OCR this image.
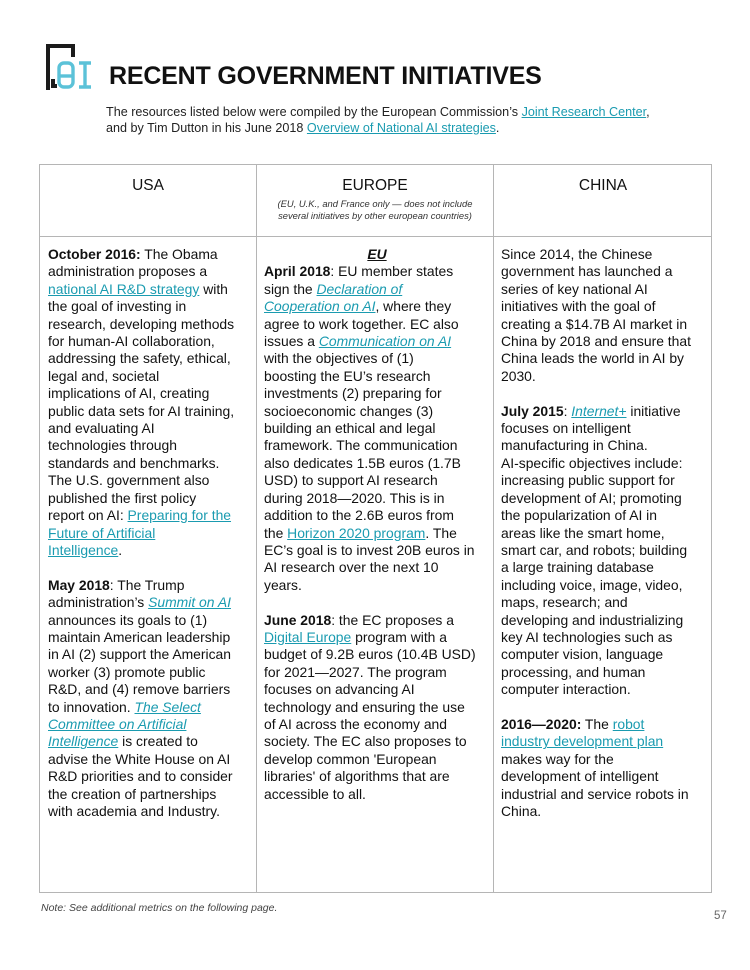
RECENT GOVERNMENT INITIATIVES
The resources listed below were compiled by the European Commission’s Joint Research Center,
and by Tim Dutton in his June 2018 Overview of National AI strategies.
USA	EUROPE
(EU, U.K., and France only — does not include
several initiatives by other european countries)
CHINA
October 2016: The Obama
administration proposes a
national AI R&D strategy with
the goal of investing in
research, developing methods
for human-AI collaboration,
addressing the safety, ethical,
legal and, societal
implications of AI, creating
public data sets for AI training,
and evaluating AI
technologies through
standards and benchmarks.
The U.S. government also
published the first policy
report on AI: Preparing for the
Future of Artificial
Intelligence.

May 2018: The Trump
administration’s Summit on AI
announces its goals to (1)
maintain American leadership
in AI (2) support the American
worker (3) promote public
R&D, and (4) remove barriers
to innovation. The Select
Committee on Artificial
Intelligence is created to
advise the White House on AI
R&D priorities and to consider
the creation of partnerships
with academia and Industry.
EU
April 2018: EU member states
sign the Declaration of
Cooperation on AI, where they
agree to work together. EC also
issues a Communication on AI
with the objectives of (1)
boosting the EU’s research
investments (2) preparing for
socioeconomic changes (3)
building an ethical and legal
framework. The communication
also dedicates 1.5B euros (1.7B
USD) to support AI research
during 2018—2020. This is in
addition to the 2.6B euros from
the Horizon 2020 program. The
EC’s goal is to invest 20B euros in
AI research over the next 10
years.

June 2018: the EC proposes a
Digital Europe program with a
budget of 9.2B euros (10.4B USD)
for 2021—2027. The program
focuses on advancing AI
technology and ensuring the use
of AI across the economy and
society. The EC also proposes to
develop common 'European
libraries' of algorithms that are
accessible to all.
Since 2014, the Chinese
government has launched a
series of key national AI
initiatives with the goal of
creating a $14.7B AI market in
China by 2018 and ensure that
China leads the world in AI by
2030.

July 2015: Internet+ initiative
focuses on intelligent
manufacturing in China.
AI-specific objectives include:
increasing public support for
development of AI; promoting
the popularization of AI in
areas like the smart home,
smart car, and robots; building
a large training database
including voice, image, video,
maps, research; and
developing and industrializing
key AI technologies such as
computer vision, language
processing, and human
computer interaction.

2016—2020: The robot
industry development plan
makes way for the
development of intelligent
industrial and service robots in
China.
Note: See additional metrics on the following page.
57
